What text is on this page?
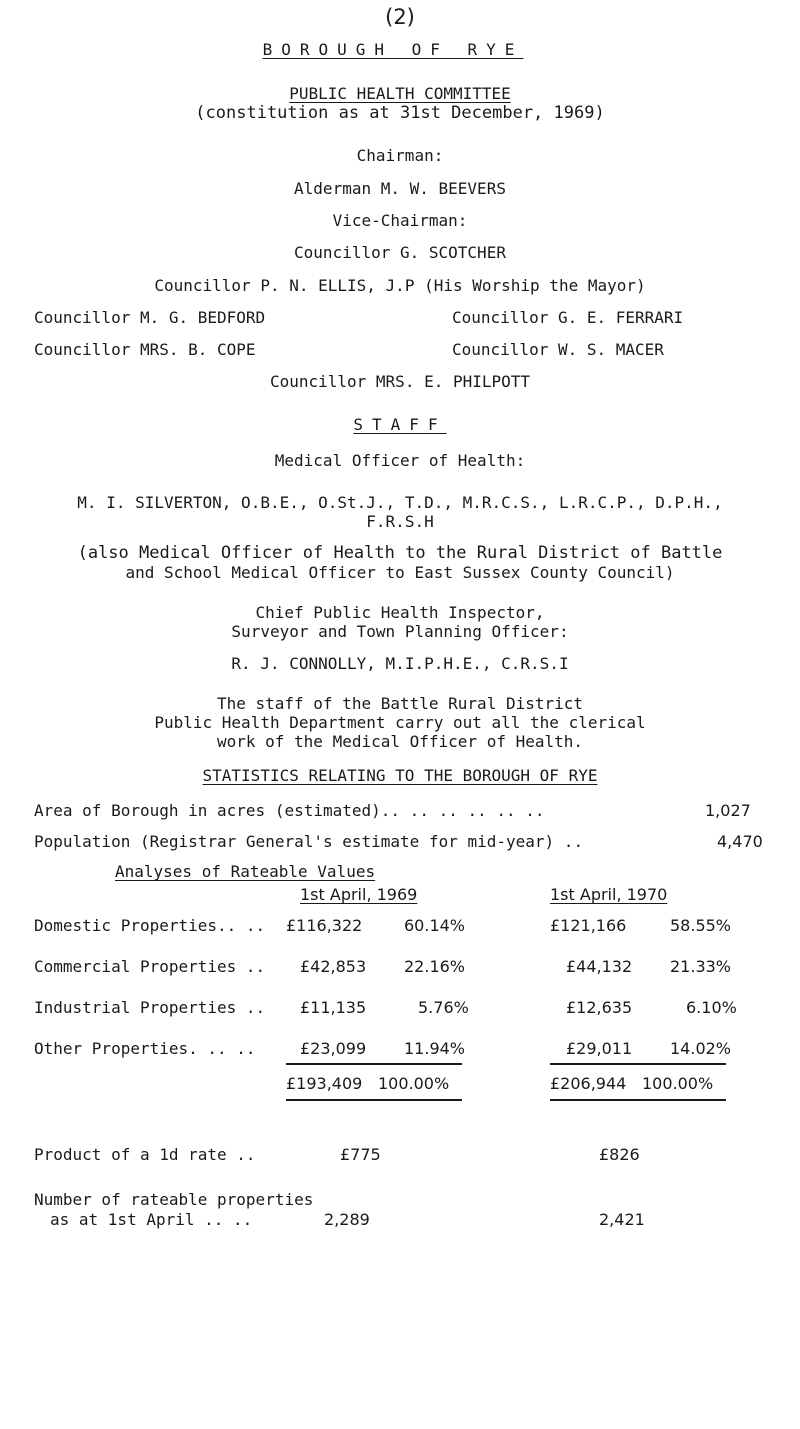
(2)
BOROUGH OF RYE
PUBLIC HEALTH COMMITTEE
(constitution as at 31st December, 1969)
Chairman:
Alderman M. W. BEEVERS
Vice-Chairman:
Councillor G. SCOTCHER
Councillor P. N. ELLIS, J.P (His Worship the Mayor)
Councillor M. G. BEDFORD	Councillor G. E. FERRARI
Councillor MRS. B. COPE	Councillor W. S. MACER
Councillor MRS. E. PHILPOTT
STAFF
Medical Officer of Health:
M. I. SILVERTON, O.B.E., O.St.J., T.D., M.R.C.S., L.R.C.P., D.P.H.,
F.R.S.H
(also Medical Officer of Health to the Rural District of Battle
and School Medical Officer to East Sussex County Council)
Chief Public Health Inspector,
Surveyor and Town Planning Officer:
R. J. CONNOLLY, M.I.P.H.E., C.R.S.I
The staff of the Battle Rural District
Public Health Department carry out all the clerical
work of the Medical Officer of Health.
STATISTICS RELATING TO THE BOROUGH OF RYE
Area of Borough in acres (estimated).. .. .. .. .. ..	1,027
Population (Registrar General's estimate for mid-year) ..	4,470
Analyses of Rateable Values
1st April, 1969	1st April, 1970
Domestic Properties.. .. £116,322	60.14%	£121,166	58.55%
Commercial Properties .. £42,853 22.16%	£44,132 21.33%
Industrial Properties .. £11,135	5.76%	£12,635	6.10%
Other Properties. .. ..	£23,099 11.94%	£29,011 14.02%
£193,409 100.00%	£206,944 100.00%
Product of a 1d rate ..	£775	£826
Number of rateable properties
as at 1st April .. ..	2,289	2,421
